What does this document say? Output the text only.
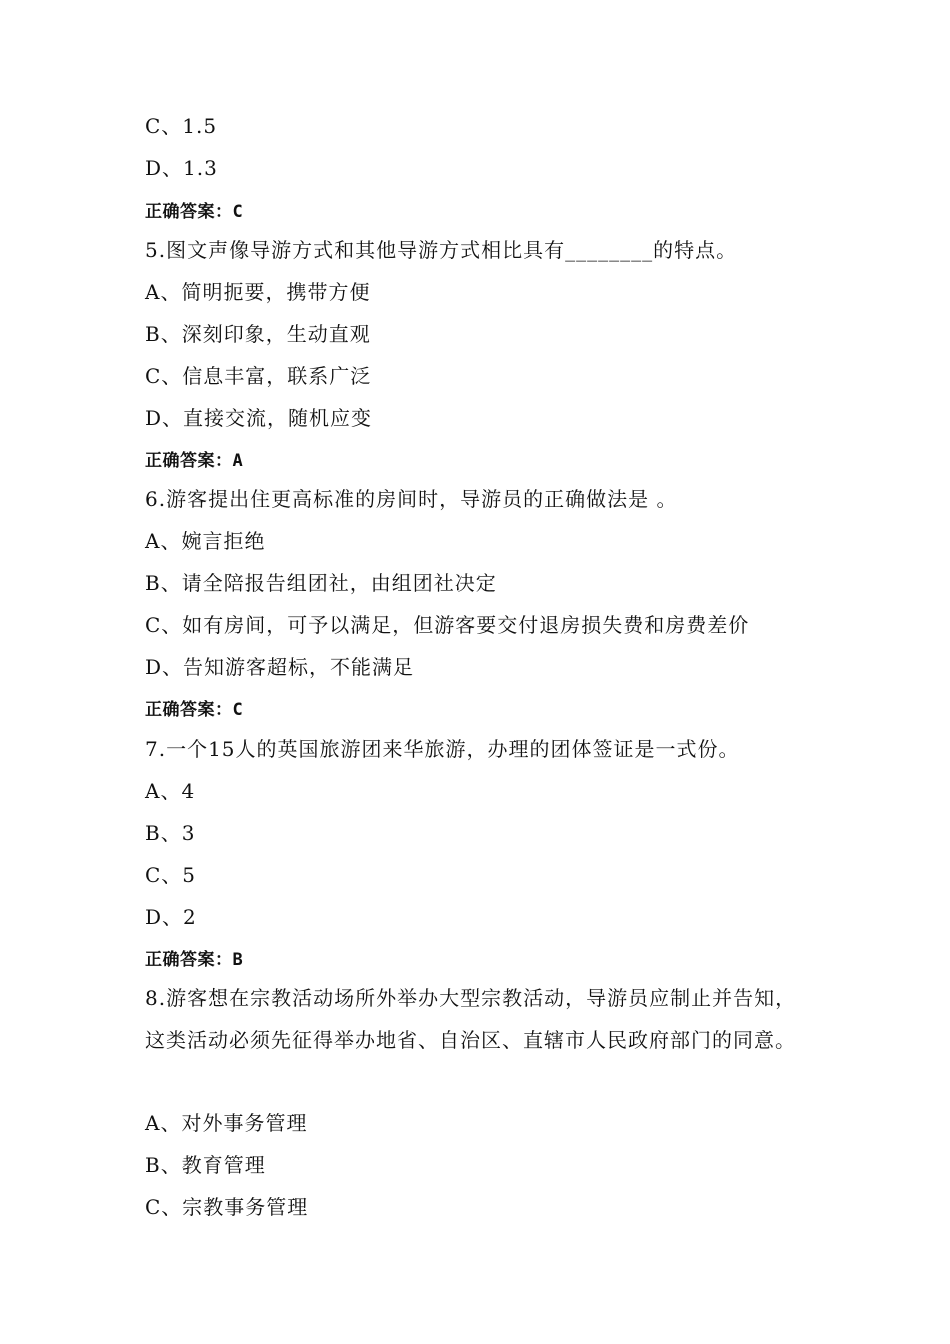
C、1.5
D、1.3
正确答案：C
5.图文声像导游方式和其他导游方式相比具有________的特点。
A、简明扼要，携带方便
B、深刻印象，生动直观
C、信息丰富，联系广泛
D、直接交流，随机应变
正确答案：A
6.游客提出住更高标准的房间时，导游员的正确做法是 。
A、婉言拒绝
B、请全陪报告组团社，由组团社决定
C、如有房间，可予以满足，但游客要交付退房损失费和房费差价
D、告知游客超标，不能满足
正确答案：C
7.一个15人的英国旅游团来华旅游，办理的团体签证是一式份。
A、4
B、3
C、5
D、2
正确答案：B
8.游客想在宗教活动场所外举办大型宗教活动，导游员应制止并告知，这类活动必须先征得举办地省、自治区、直辖市人民政府部门的同意。
A、对外事务管理
B、教育管理
C、宗教事务管理
